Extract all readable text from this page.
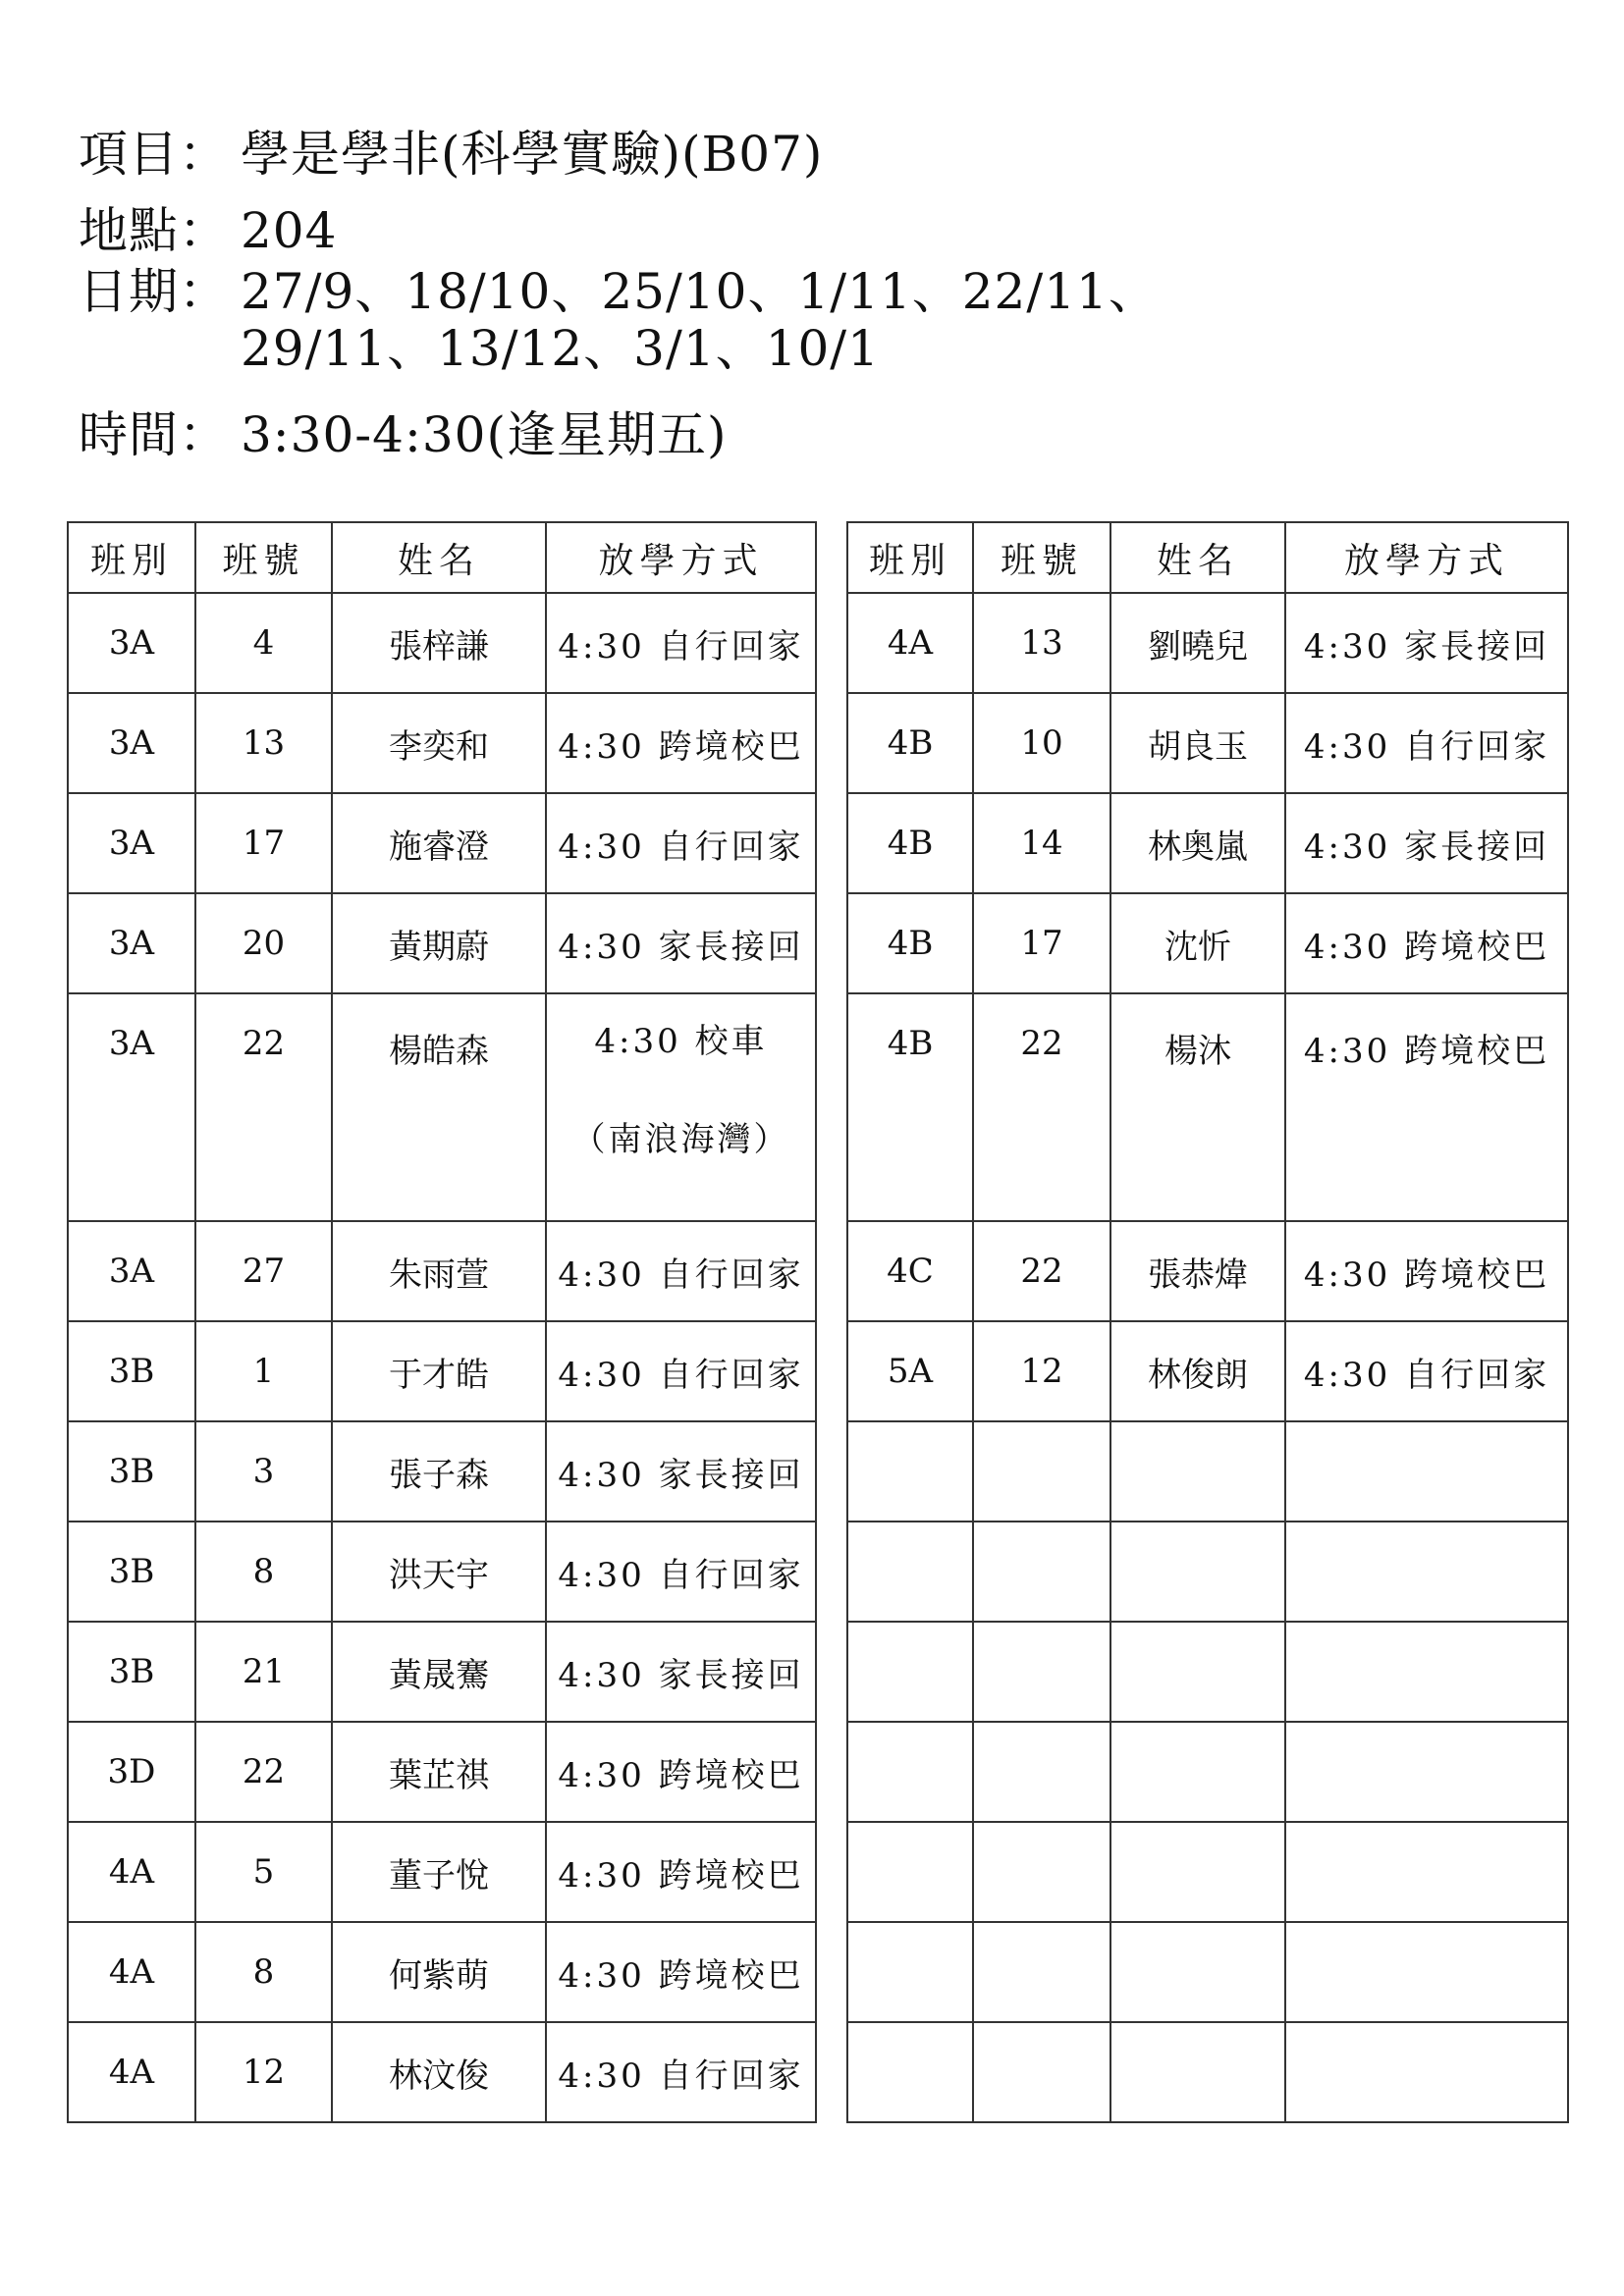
項目： 學是學非(科學實驗)(B07)
地點： 204
日期： 27/9、18/10、25/10、1/11、22/11、
29/11、13/12、3/1、10/1
時間： 3:30-4:30(逢星期五)
班別	班號	姓名	放學方式
3A	4	張梓謙	4:30 自行回家
3A	13	李奕和	4:30 跨境校巴
3A	17	施睿澄	4:30 自行回家
3A	20	黃期蔚	4:30 家長接回
3A	22	楊皓森	4:30 校車
（南浪海灣）

3A	27	朱雨萱	4:30 自行回家
3B	1	于才皓	4:30 自行回家
3B	3	張子森	4:30 家長接回
3B	8	洪天宇	4:30 自行回家
3B	21	黃晟騫	4:30 家長接回
3D	22	葉芷祺	4:30 跨境校巴
4A	5	董子悅	4:30 跨境校巴
4A	8	何紫萌	4:30 跨境校巴
4A	12	林汶俊	4:30 自行回家
班別	班號	姓名	放學方式
4A	13	劉曉兒	4:30 家長接回
4B	10	胡良玉	4:30 自行回家
4B	14	林奥嵐	4:30 家長接回
4B	17	沈忻	4:30 跨境校巴
4B	22	楊沐	4:30 跨境校巴
4C	22	張恭煒	4:30 跨境校巴
5A	12	林俊朗	4:30 自行回家
